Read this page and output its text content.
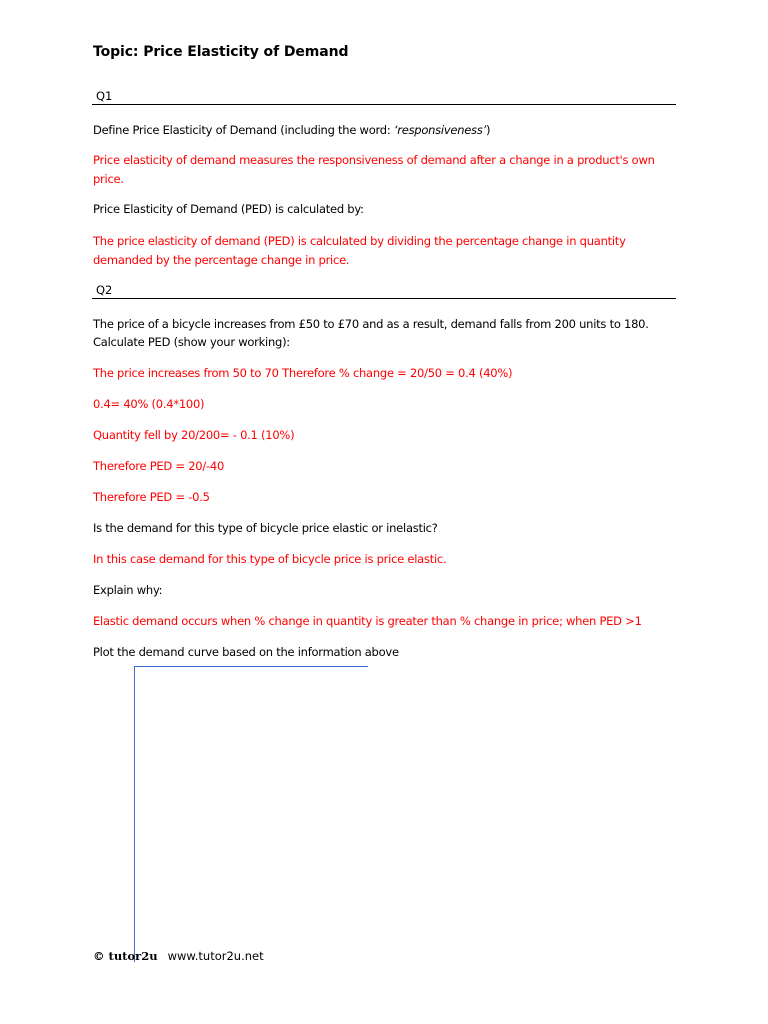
Topic: Price Elasticity of Demand
Q1
Define Price Elasticity of Demand (including the word: ‘responsiveness’)
Price elasticity of demand measures the responsiveness of demand after a change in a product's own
price.
Price Elasticity of Demand (PED) is calculated by:
The price elasticity of demand (PED) is calculated by dividing the percentage change in quantity
demanded by the percentage change in price.
Q2
The price of a bicycle increases from £50 to £70 and as a result, demand falls from 200 units to 180.
Calculate PED (show your working):
The price increases from 50 to 70 Therefore % change = 20/50 = 0.4 (40%)
0.4= 40% (0.4*100)
Quantity fell by 20/200= - 0.1 (10%)
Therefore PED = 20/-40
Therefore PED = -0.5
Is the demand for this type of bicycle price elastic or inelastic?
In this case demand for this type of bicycle price is price elastic.
Explain why:
Elastic demand occurs when % change in quantity is greater than % change in price; when PED >1
Plot the demand curve based on the information above
© tutor2u www.tutor2u.net
